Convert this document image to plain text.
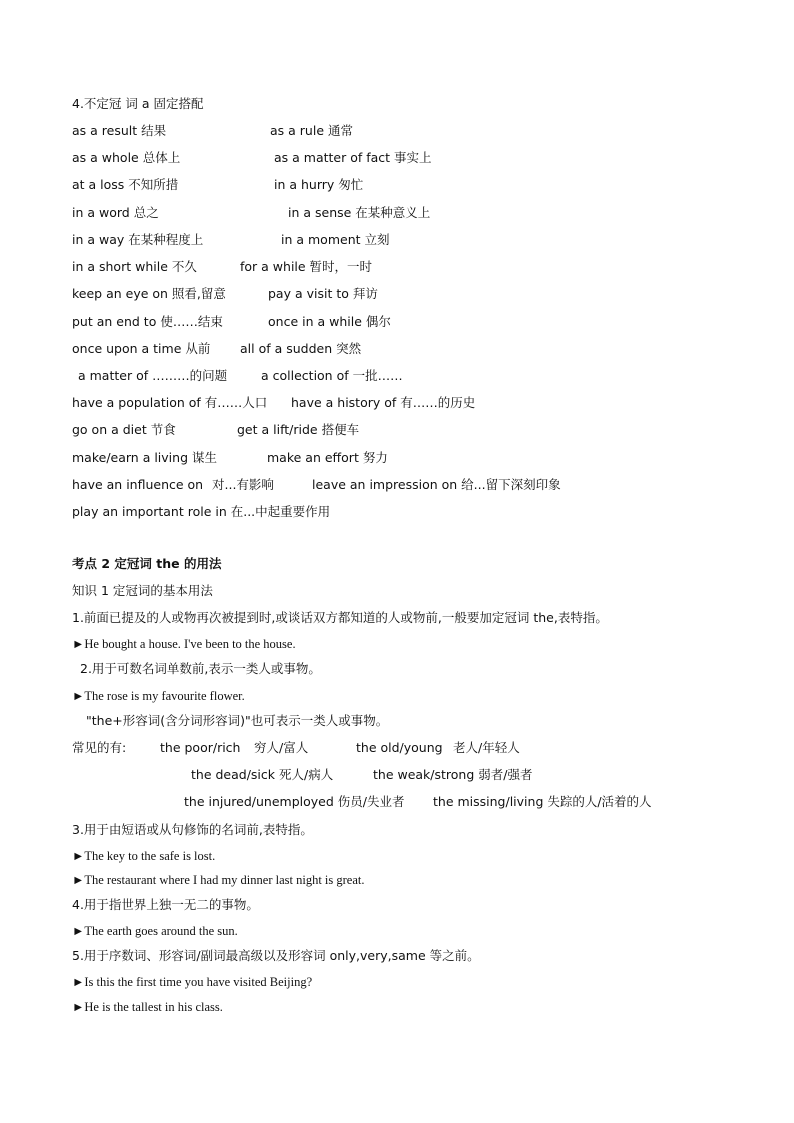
4.不定冠 词 a 固定搭配
as a result 结果	as a rule 通常
as a whole 总体上	as a matter of fact 事实上
at a loss 不知所措	in a hurry 匆忙
in a word 总之	in a sense 在某种意义上
in a way 在某种程度上	in a moment 立刻
in a short while 不久	for a while 暂时，一时
keep an eye on 照看,留意	pay a visit to 拜访
put an end to 使……结束	once in a while 偶尔
once upon a time 从前 all of a sudden 突然
a matter of ………的问题	a collection of 一批……
have a population of 有……人口 have a history of 有……的历史
go on a diet 节食	get a lift/ride 搭便车
make/earn a living 谋生	make an effort 努力
have an influence on 对...有影响	leave an impression on 给...留下深刻印象
play an important role in 在...中起重要作用
考点 2 定冠词 the 的用法
知识 1 定冠词的基本用法
1.前面已提及的人或物再次被提到时,或谈话双方都知道的人或物前,一般要加定冠词 the,表特指。
►He bought a house. I've been to the house.
2.用于可数名词单数前,表示一类人或事物。
►The rose is my favourite flower.
"the+形容词(含分词形容词)"也可表示一类人或事物。
常见的有:	the poor/rich 穷人/富人	the old/young 老人/年轻人
the dead/sick 死人/病人	the weak/strong 弱者/强者
the injured/unemployed 伤员/失业者 the missing/living 失踪的人/活着的人
3.用于由短语或从句修饰的名词前,表特指。
►The key to the safe is lost.
►The restaurant where I had my dinner last night is great.
4.用于指世界上独一无二的事物。
►The earth goes around the sun.
5.用于序数词、形容词/副词最高级以及形容词 only,very,same 等之前。
►Is this the first time you have visited Beijing?
►He is the tallest in his class.
